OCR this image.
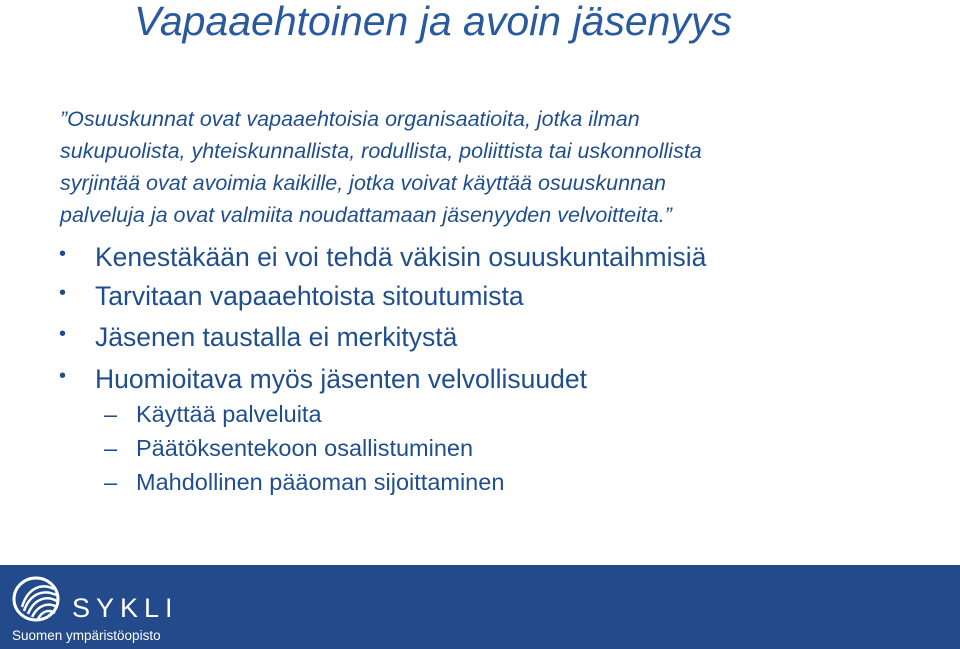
Vapaaehtoinen ja avoin jäsenyys
”Osuuskunnat ovat vapaaehtoisia organisaatioita, jotka ilman
sukupuolista, yhteiskunnallista, rodullista, poliittista tai uskonnollista
syrjintää ovat avoimia kaikille, jotka voivat käyttää osuuskunnan
palveluja ja ovat valmiita noudattamaan jäsenyyden velvoitteita.”
• Kenestäkään ei voi tehdä väkisin osuuskuntaihmisiä
• Tarvitaan vapaaehtoista sitoutumista
• Jäsenen taustalla ei merkitystä
• Huomioitava myös jäsenten velvollisuudet
– Käyttää palveluita
– Päätöksentekoon osallistuminen
– Mahdollinen pääoman sijoittaminen
SYKLI
Suomen ympäristöopisto
